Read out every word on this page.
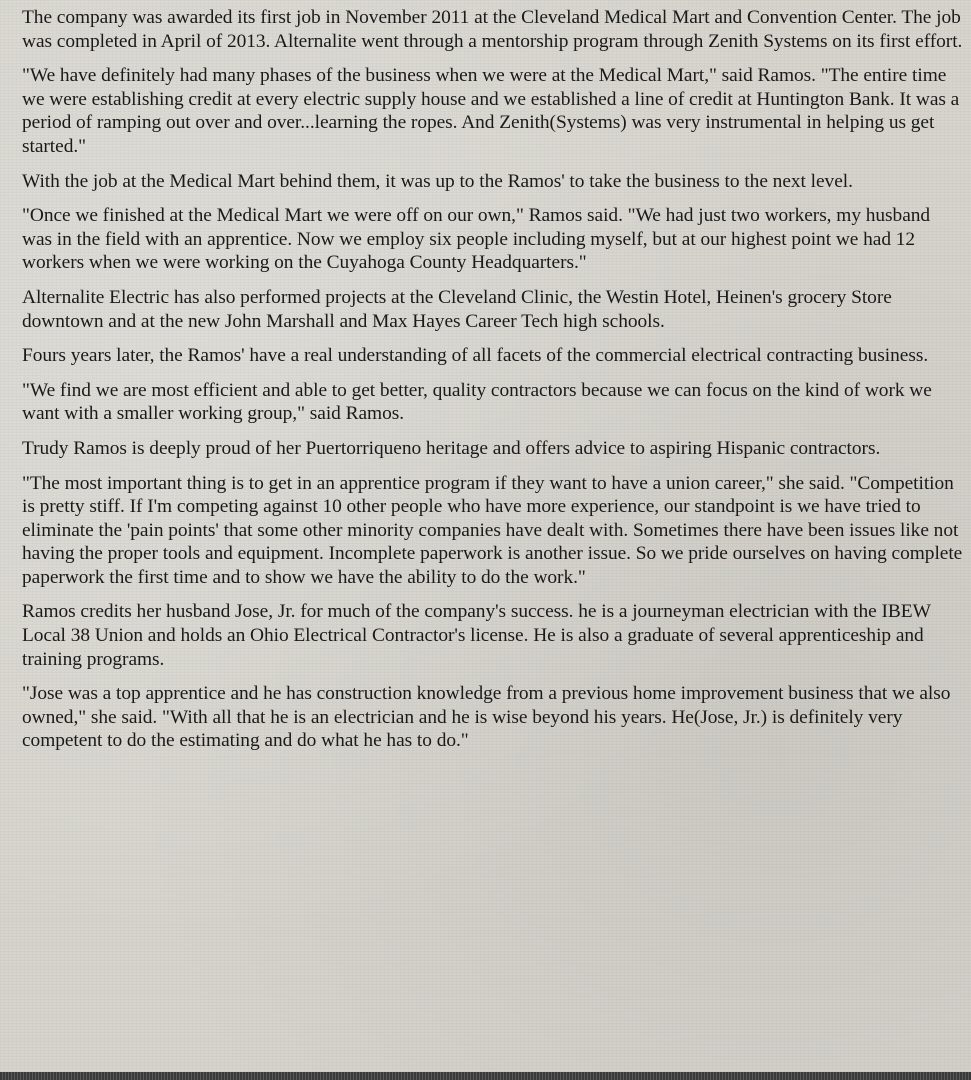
The company was awarded its first job in November 2011 at the Cleveland Medical Mart and Convention Center. The job was completed in April of 2013. Alternalite went through a mentorship program through Zenith Systems on its first effort.

"We have definitely had many phases of the business when we were at the Medical Mart," said Ramos. "The entire time we were establishing credit at every electric supply house and we established a line of credit at Huntington Bank. It was a period of ramping out over and over...learning the ropes. And Zenith(Systems) was very instrumental in helping us get started."

With the job at the Medical Mart behind them, it was up to the Ramos' to take the business to the next level.

"Once we finished at the Medical Mart we were off on our own," Ramos said. "We had just two workers, my husband was in the field with an apprentice. Now we employ six people including myself, but at our highest point we had 12 workers when we were working on the Cuyahoga County Headquarters."

Alternalite Electric has also performed projects at the Cleveland Clinic, the Westin Hotel, Heinen's grocery Store downtown and at the new John Marshall and Max Hayes Career Tech high schools.

Fours years later, the Ramos' have a real understanding of all facets of the commercial electrical contracting business.

"We find we are most efficient and able to get better, quality contractors because we can focus on the kind of work we want with a smaller working group," said Ramos.

Trudy Ramos is deeply proud of her Puertorriqueno heritage and offers advice to aspiring Hispanic contractors.

"The most important thing is to get in an apprentice program if they want to have a union career," she said. "Competition is pretty stiff. If I'm competing against 10 other people who have more experience, our standpoint is we have tried to eliminate the 'pain points' that some other minority companies have dealt with. Sometimes there have been issues like not having the proper tools and equipment. Incomplete paperwork is another issue. So we pride ourselves on having complete paperwork the first time and to show we have the ability to do the work."

Ramos credits her husband Jose, Jr. for much of the company's success. he is a journeyman electrician with the IBEW Local 38 Union and holds an Ohio Electrical Contractor's license. He is also a graduate of several apprenticeship and training programs.

"Jose was a top apprentice and he has construction knowledge from a previous home improvement business that we also owned," she said. "With all that he is an electrician and he is wise beyond his years. He(Jose, Jr.) is definitely very competent to do the estimating and do what he has to do."
